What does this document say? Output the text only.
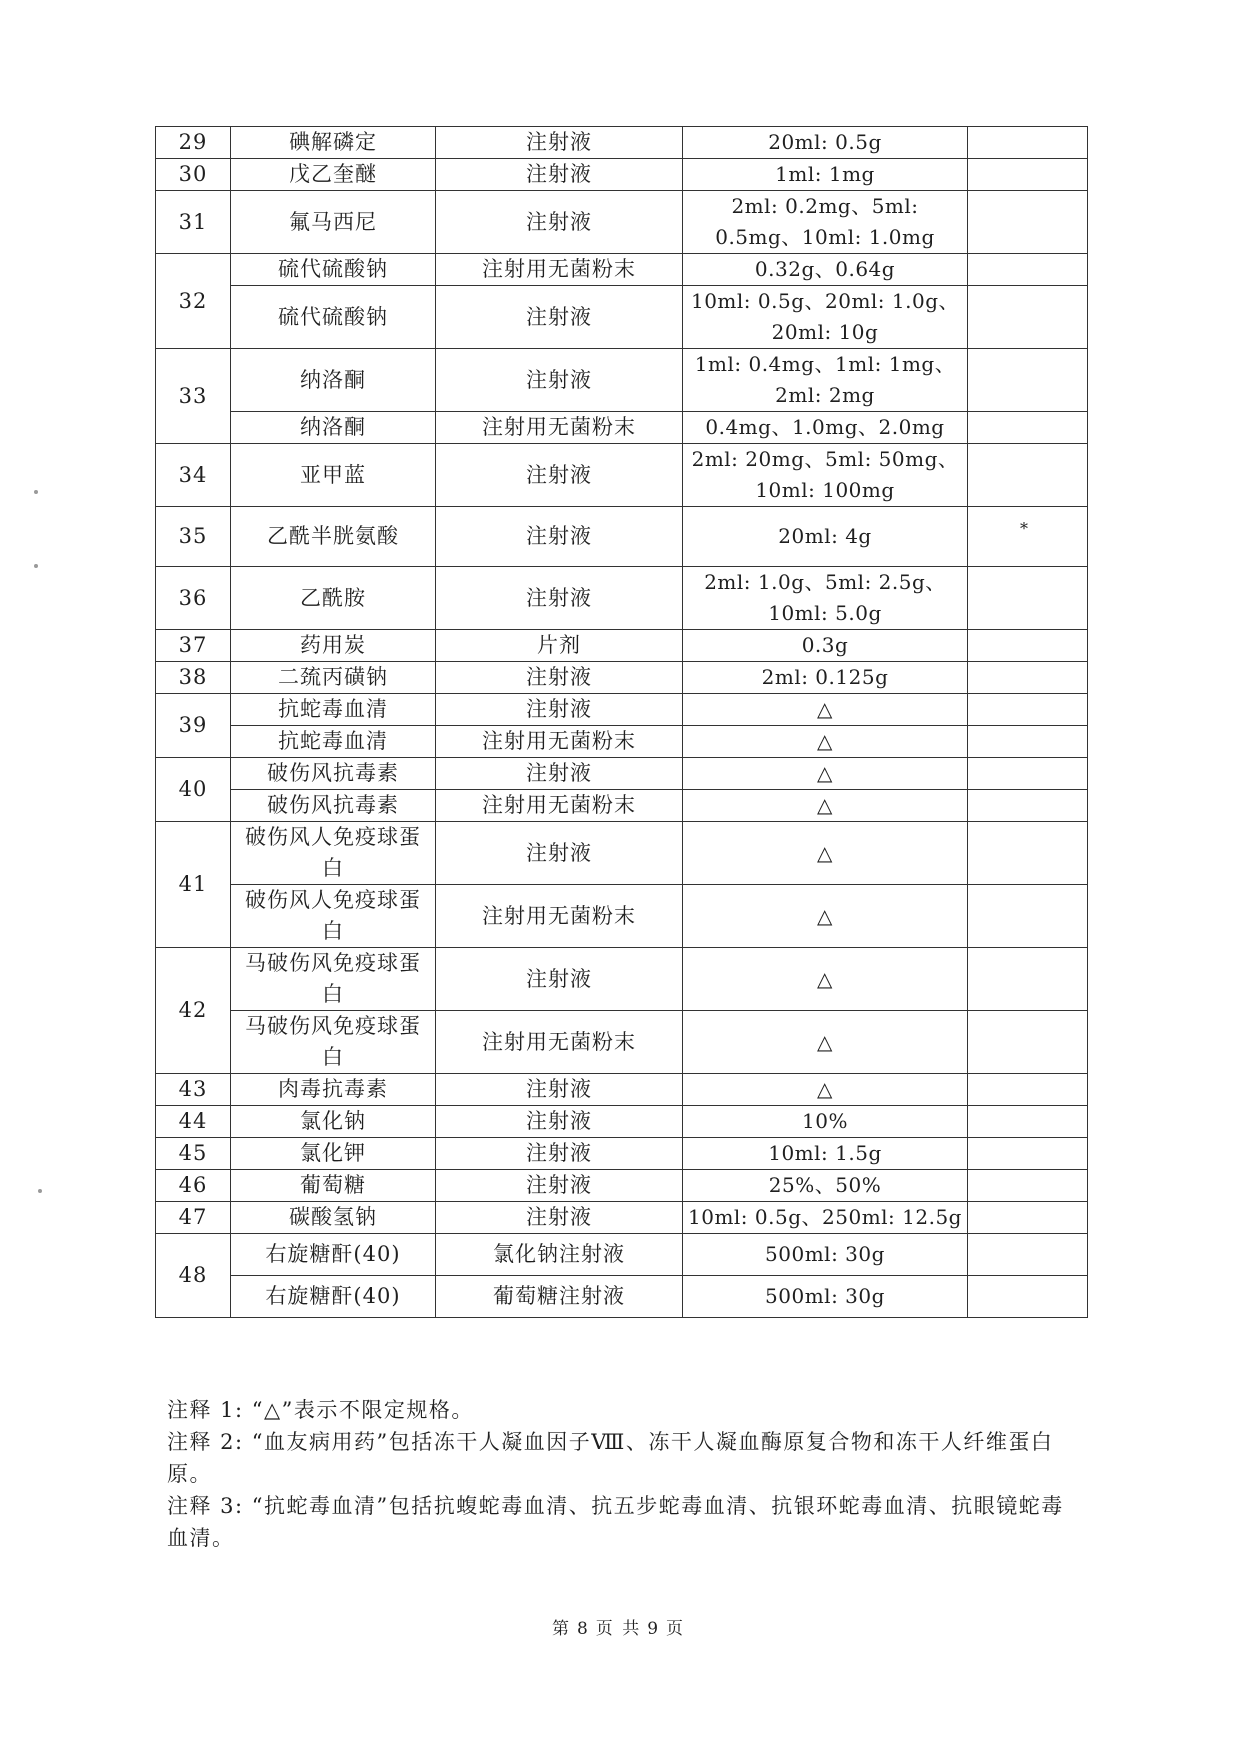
29	碘解磷定	注射液	20ml: 0.5g	

30	戊乙奎醚	注射液	1ml: 1mg	

31	氟马西尼	注射液	2ml: 0.2mg、5ml: 0.5mg、10ml: 1.0mg	

32	硫代硫酸钠	注射用无菌粉末	0.32g、0.64g	

	硫代硫酸钠	注射液	10ml: 0.5g、20ml: 1.0g、20ml: 10g	

33	纳洛酮	注射液	1ml: 0.4mg、1ml: 1mg、2ml: 2mg	

	纳洛酮	注射用无菌粉末	0.4mg、1.0mg、2.0mg	

34	亚甲蓝	注射液	2ml: 20mg、5ml: 50mg、10ml: 100mg	

35	乙酰半胱氨酸	注射液	20ml: 4g	*

36	乙酰胺	注射液	2ml: 1.0g、5ml: 2.5g、10ml: 5.0g	

37	药用炭	片剂	0.3g	

38	二巯丙磺钠	注射液	2ml: 0.125g	

39	抗蛇毒血清	注射液	△	

	抗蛇毒血清	注射用无菌粉末	△	

40	破伤风抗毒素	注射液	△	

	破伤风抗毒素	注射用无菌粉末	△	

41	破伤风人免疫球蛋白	注射液	△	

	破伤风人免疫球蛋白	注射用无菌粉末	△	

42	马破伤风免疫球蛋白	注射液	△	

	马破伤风免疫球蛋白	注射用无菌粉末	△	

43	肉毒抗毒素	注射液	△	

44	氯化钠	注射液	10%	

45	氯化钾	注射液	10ml: 1.5g	

46	葡萄糖	注射液	25%、50%	

47	碳酸氢钠	注射液	10ml: 0.5g、250ml: 12.5g	

48	右旋糖酐(40)	氯化钠注射液	500ml: 30g	

	右旋糖酐(40)	葡萄糖注射液	500ml: 30g	

注释 1: “△”表示不限定规格。

注释 2: “血友病用药”包括冻干人凝血因子Ⅷ、冻干人凝血酶原复合物和冻干人纤维蛋白原。

注释 3: “抗蛇毒血清”包括抗蝮蛇毒血清、抗五步蛇毒血清、抗银环蛇毒血清、抗眼镜蛇毒血清。

第 8 页 共 9 页
